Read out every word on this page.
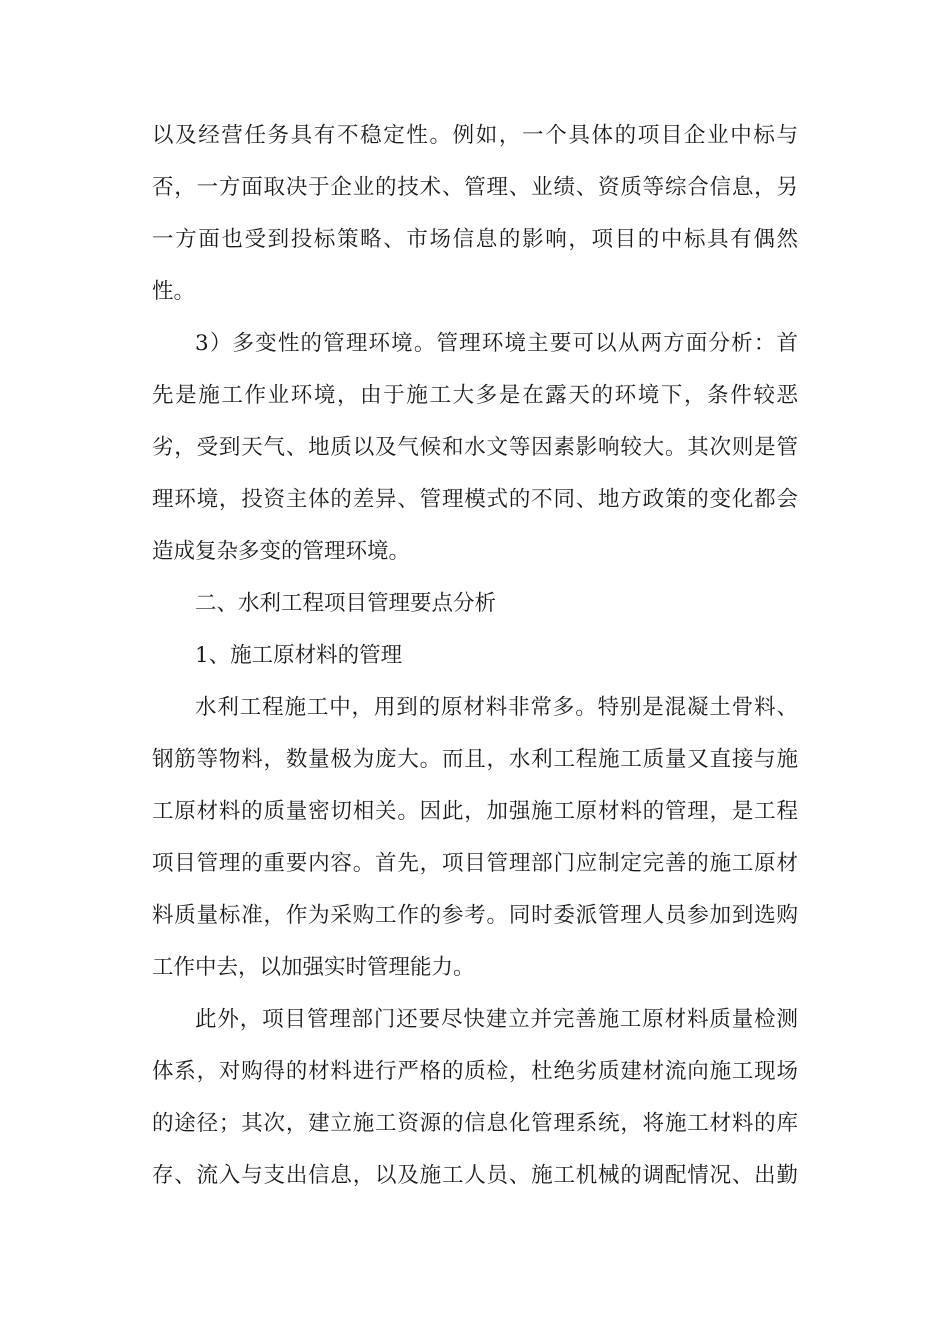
以及经营任务具有不稳定性。例如，一个具体的项目企业中标与
否，一方面取决于企业的技术、管理、业绩、资质等综合信息，另
一方面也受到投标策略、市场信息的影响，项目的中标具有偶然
性。
3）多变性的管理环境。管理环境主要可以从两方面分析：首
先是施工作业环境，由于施工大多是在露天的环境下，条件较恶
劣，受到天气、地质以及气候和水文等因素影响较大。其次则是管
理环境，投资主体的差异、管理模式的不同、地方政策的变化都会
造成复杂多变的管理环境。
二、水利工程项目管理要点分析
1、施工原材料的管理
水利工程施工中，用到的原材料非常多。特别是混凝土骨料、
钢筋等物料，数量极为庞大。而且，水利工程施工质量又直接与施
工原材料的质量密切相关。因此，加强施工原材料的管理，是工程
项目管理的重要内容。首先，项目管理部门应制定完善的施工原材
料质量标准，作为采购工作的参考。同时委派管理人员参加到选购
工作中去，以加强实时管理能力。
此外，项目管理部门还要尽快建立并完善施工原材料质量检测
体系，对购得的材料进行严格的质检，杜绝劣质建材流向施工现场
的途径；其次，建立施工资源的信息化管理系统，将施工材料的库
存、流入与支出信息，以及施工人员、施工机械的调配情况、出勤
